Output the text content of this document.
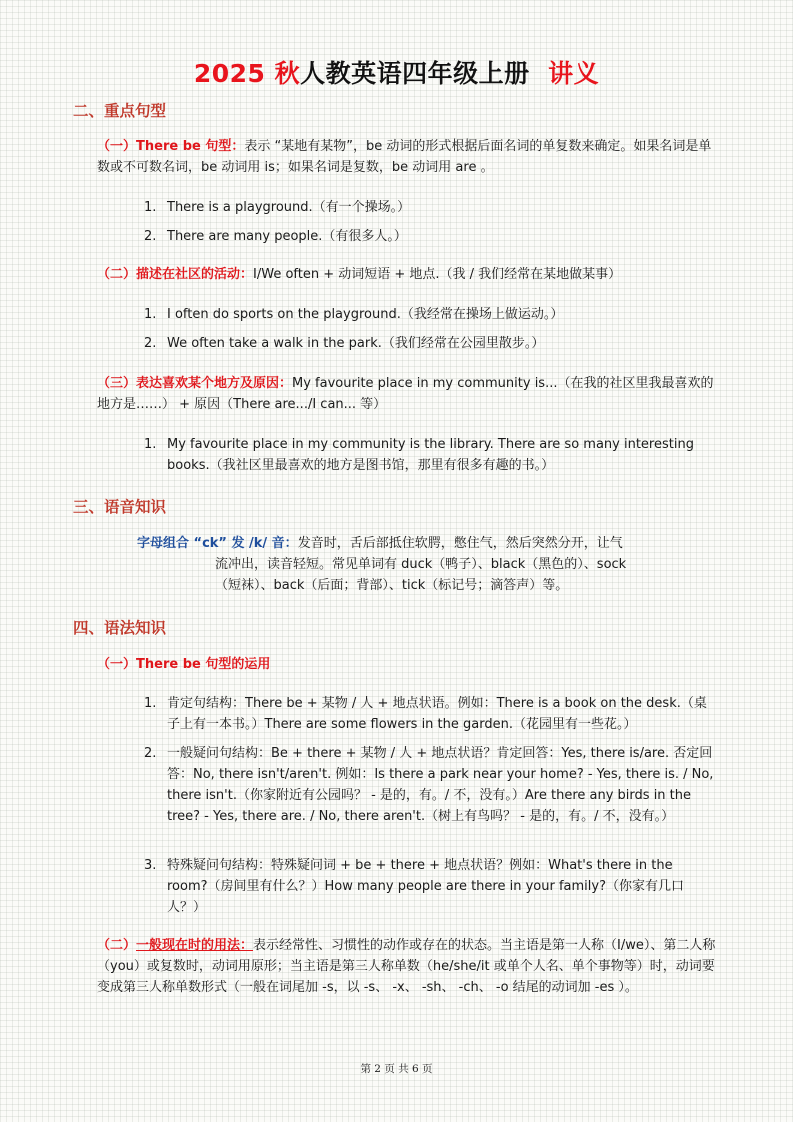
2025 秋人教英语四年级上册 讲义
二、重点句型
（一）There be 句型：表示 “某地有某物”，be 动词的形式根据后面名词的单复数来确定。如果名词是单数或不可数名词，be 动词用 is；如果名词是复数，be 动词用 are 。
1. There is a playground.（有一个操场。）
2. There are many people.（有很多人。）
（二）描述在社区的活动：I/We often + 动词短语 + 地点.（我 / 我们经常在某地做某事）
1. I often do sports on the playground.（我经常在操场上做运动。）
2. We often take a walk in the park.（我们经常在公园里散步。）
（三）表达喜欢某个地方及原因：My favourite place in my community is...（在我的社区里我最喜欢的地方是……） + 原因（There are.../I can... 等）
1. My favourite place in my community is the library. There are so many interesting books.（我社区里最喜欢的地方是图书馆，那里有很多有趣的书。）
三、语音知识
字母组合 “ck” 发 /k/ 音：发音时，舌后部抵住软腭，憋住气，然后突然分开，让气
流冲出，读音轻短。常见单词有 duck（鸭子）、black（黑色的）、sock
（短袜）、back（后面；背部）、tick（标记号；滴答声）等。
四、语法知识
（一）There be 句型的运用
1. 肯定句结构：There be + 某物 / 人 + 地点状语。例如：There is a book on the desk.（桌子上有一本书。）There are some flowers in the garden.（花园里有一些花。）
2. 一般疑问句结构：Be + there + 某物 / 人 + 地点状语？肯定回答：Yes, there is/are. 否定回答：No, there isn't/aren't. 例如：Is there a park near your home? - Yes, there is. / No, there isn't.（你家附近有公园吗？ - 是的，有。/ 不，没有。）Are there any birds in the tree? - Yes, there are. / No, there aren't.（树上有鸟吗？ - 是的，有。/ 不，没有。）
3. 特殊疑问句结构：特殊疑问词 + be + there + 地点状语？例如：What's there in the room?（房间里有什么？）How many people are there in your family?（你家有几口人？）
（二）一般现在时的用法：表示经常性、习惯性的动作或存在的状态。当主语是第一人称（I/we）、第二人称（you）或复数时，动词用原形；当主语是第三人称单数（he/she/it 或单个人名、单个事物等）时，动词要变成第三人称单数形式（一般在词尾加 -s，以 -s、 -x、 -sh、 -ch、 -o 结尾的动词加 -es ）。
第 2 页 共 6 页
